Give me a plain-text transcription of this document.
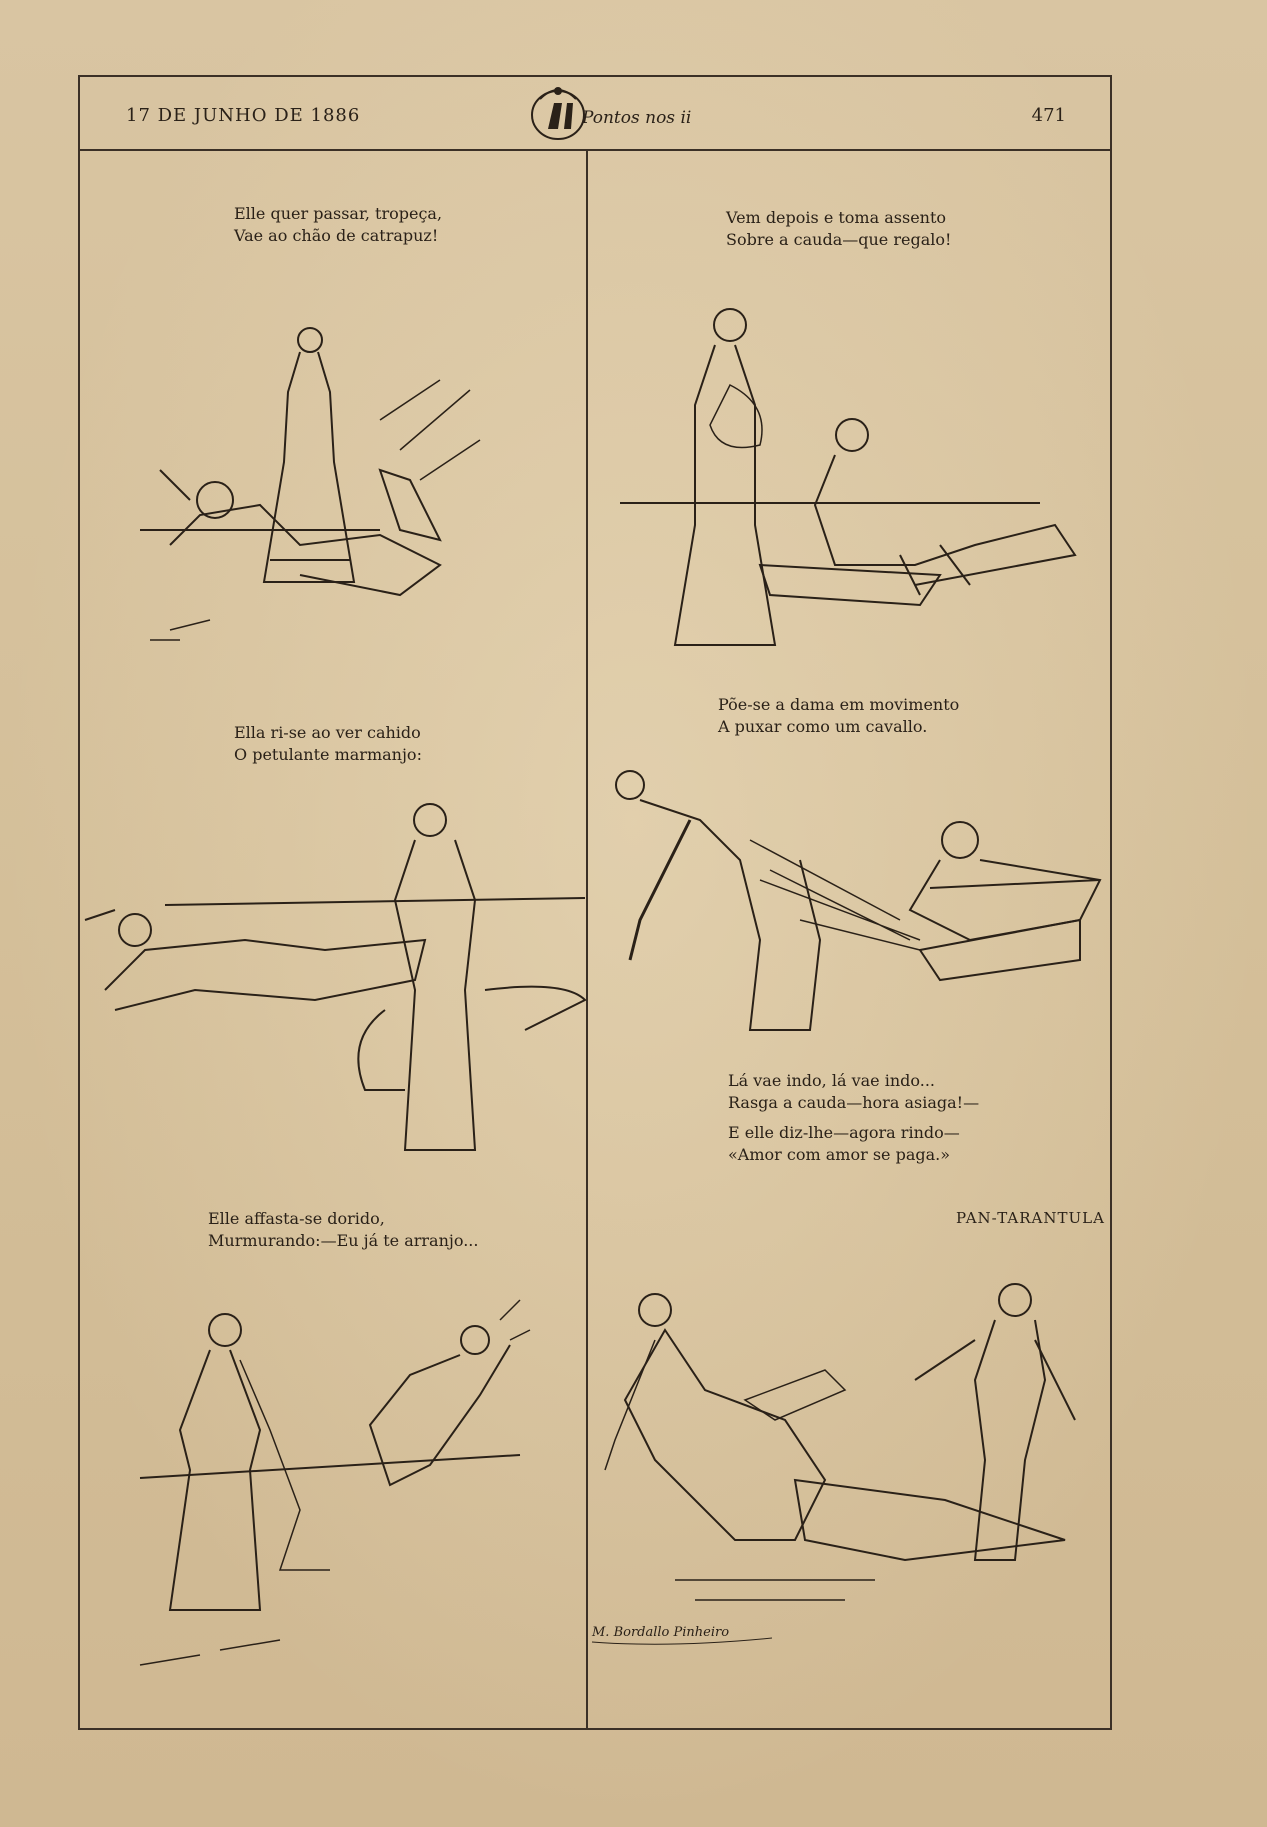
17 DE JUNHO DE 1886	Pontos nos ii	471
Elle quer passar, tropeça,
Vae ao chão de catrapuz!
Vem depois e toma assento
Sobre a cauda—que regalo!
Ella ri-se ao ver cahido
O petulante marmanjo:
Põe-se a dama em movimento
A puxar como um cavallo.
Elle affasta-se dorido,
Murmurando:—Eu já te arranjo...
Lá vae indo, lá vae indo...
Rasga a cauda—hora asiaga!—
E elle diz-lhe—agora rindo—
«Amor com amor se paga.»
PAN-TARANTULA
M. Bordallo Pinheiro
